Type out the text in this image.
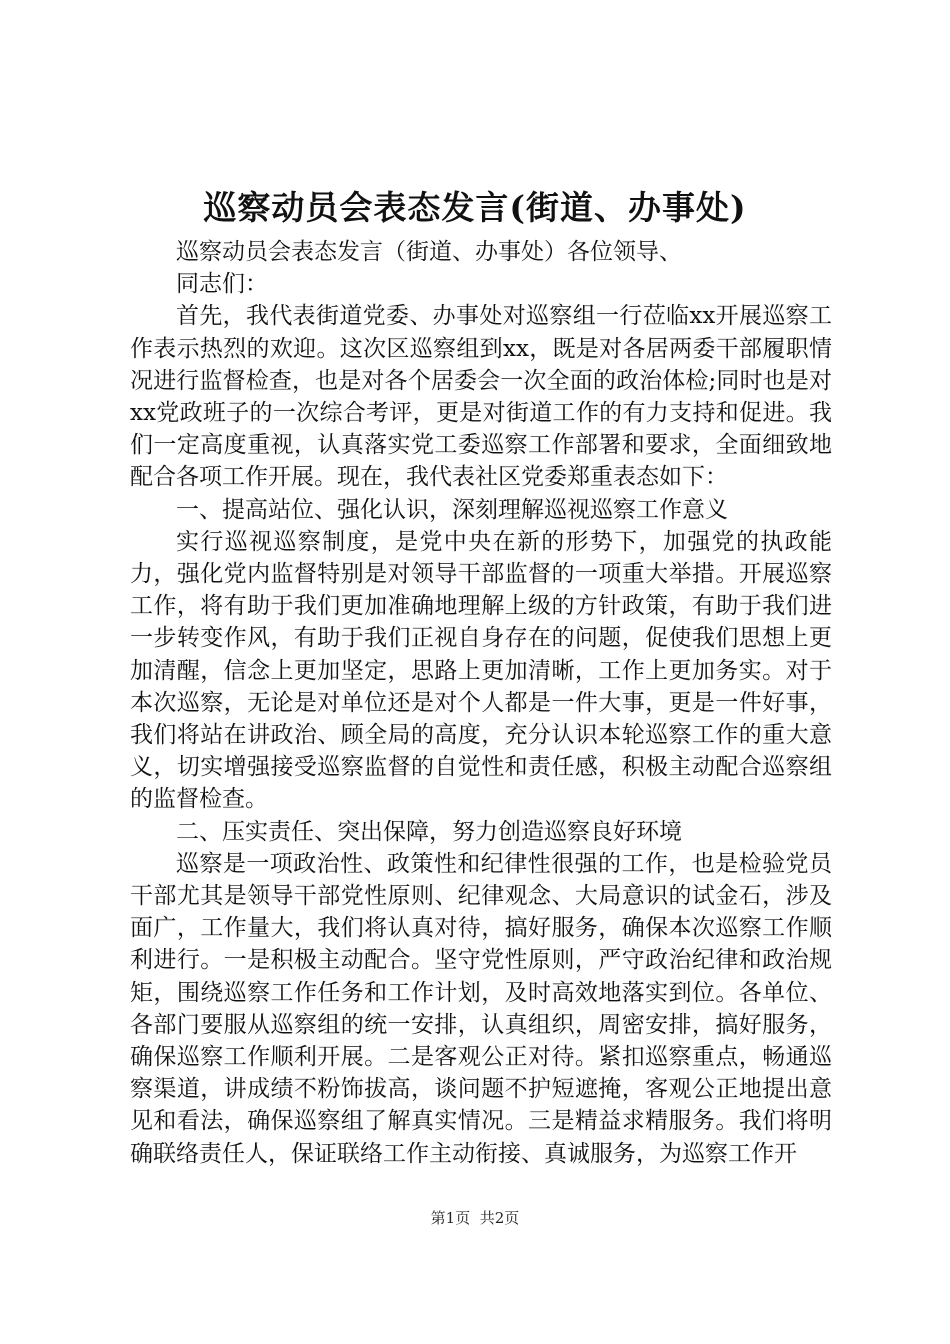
巡察动员会表态发言(街道、办事处)

巡察动员会表态发言（街道、办事处）各位领导、

同志们：

首先，我代表街道党委、办事处对巡察组一行莅临xx开展巡察工作表示热烈的欢迎。这次区巡察组到xx，既是对各居两委干部履职情况进行监督检查，也是对各个居委会一次全面的政治体检;同时也是对xx党政班子的一次综合考评，更是对街道工作的有力支持和促进。我们一定高度重视，认真落实党工委巡察工作部署和要求，全面细致地配合各项工作开展。现在，我代表社区党委郑重表态如下：

一、提高站位、强化认识，深刻理解巡视巡察工作意义

实行巡视巡察制度，是党中央在新的形势下，加强党的执政能力，强化党内监督特别是对领导干部监督的一项重大举措。开展巡察工作，将有助于我们更加准确地理解上级的方针政策，有助于我们进一步转变作风，有助于我们正视自身存在的问题，促使我们思想上更加清醒，信念上更加坚定，思路上更加清晰，工作上更加务实。对于本次巡察，无论是对单位还是对个人都是一件大事，更是一件好事，我们将站在讲政治、顾全局的高度，充分认识本轮巡察工作的重大意义，切实增强接受巡察监督的自觉性和责任感，积极主动配合巡察组的监督检查。

二、压实责任、突出保障，努力创造巡察良好环境

巡察是一项政治性、政策性和纪律性很强的工作，也是检验党员干部尤其是领导干部党性原则、纪律观念、大局意识的试金石，涉及面广，工作量大，我们将认真对待，搞好服务，确保本次巡察工作顺利进行。一是积极主动配合。坚守党性原则，严守政治纪律和政治规矩，围绕巡察工作任务和工作计划，及时高效地落实到位。各单位、各部门要服从巡察组的统一安排，认真组织，周密安排，搞好服务，确保巡察工作顺利开展。二是客观公正对待。紧扣巡察重点，畅通巡察渠道，讲成绩不粉饰拔高，谈问题不护短遮掩，客观公正地提出意见和看法，确保巡察组了解真实情况。三是精益求精服务。我们将明确联络责任人，保证联络工作主动衔接、真诚服务，为巡察工作开

第1页 共2页
